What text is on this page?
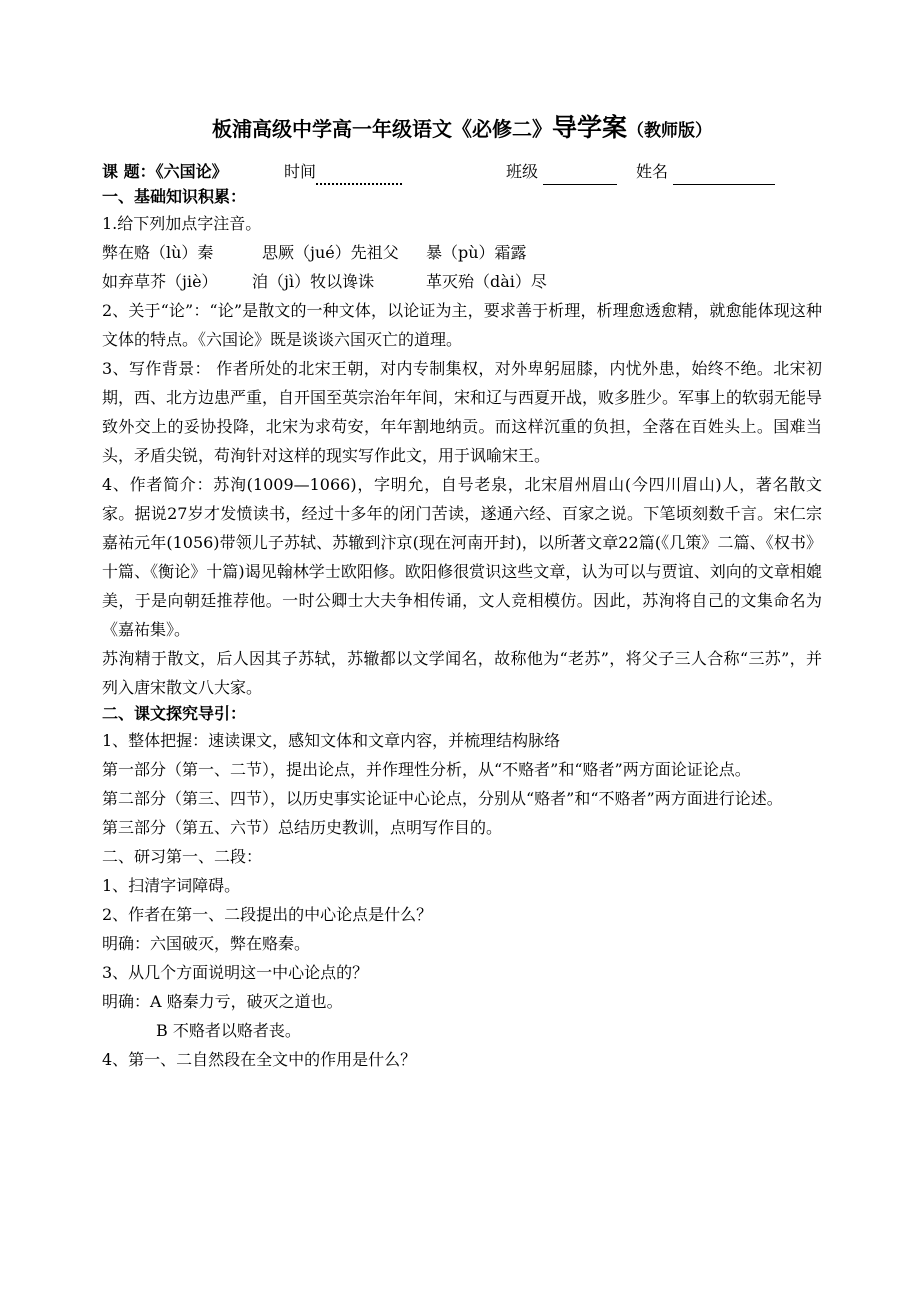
板浦高级中学高一年级语文《必修二》导学案（教师版）
课 题：《六国论》	时间	班级	姓名
一、基础知识积累：
1.给下列加点字注音。
弊在赂（lù）秦	思厥（jué）先祖父 暴（pù）霜露
如弃草芥（jiè） 洎（jì）牧以谗诛	革灭殆（dài）尽
2、关于“论”：“论”是散文的一种文体，以论证为主，要求善于析理，析理愈透愈精，就愈能体现这种文体的特点。《六国论》既是谈谈六国灭亡的道理。
3、写作背景： 作者所处的北宋王朝，对内专制集权，对外卑躬屈膝，内忧外患，始终不绝。北宋初期，西、北方边患严重，自开国至英宗治年年间，宋和辽与西夏开战，败多胜少。军事上的软弱无能导致外交上的妥协投降，北宋为求苟安，年年割地纳贡。而这样沉重的负担，全落在百姓头上。国难当头，矛盾尖锐，苟洵针对这样的现实写作此文，用于讽喻宋王。
4、作者简介：苏洵(1009—1066)，字明允，自号老泉，北宋眉州眉山(今四川眉山)人，著名散文家。据说27岁才发愤读书，经过十多年的闭门苦读，遂通六经、百家之说。下笔顷刻数千言。宋仁宗嘉祐元年(1056)带领儿子苏轼、苏辙到汴京(现在河南开封)，以所著文章22篇(《几策》二篇、《权书》十篇、《衡论》十篇)谒见翰林学士欧阳修。欧阳修很赏识这些文章，认为可以与贾谊、刘向的文章相媲美，于是向朝廷推荐他。一时公卿士大夫争相传诵，文人竞相模仿。因此，苏洵将自己的文集命名为《嘉祐集》。
苏洵精于散文，后人因其子苏轼，苏辙都以文学闻名，故称他为“老苏”，将父子三人合称“三苏”，并列入唐宋散文八大家。
二、课文探究导引：
1、整体把握：速读课文，感知文体和文章内容，并梳理结构脉络
第一部分（第一、二节），提出论点，并作理性分析，从“不赂者”和“赂者”两方面论证论点。
第二部分（第三、四节），以历史事实论证中心论点，分别从“赂者”和“不赂者”两方面进行论述。
第三部分（第五、六节）总结历史教训，点明写作目的。
二、研习第一、二段：
1、扫清字词障碍。
2、作者在第一、二段提出的中心论点是什么？
明确：六国破灭，弊在赂秦。
3、从几个方面说明这一中心论点的？
明确：A 赂秦力亏，破灭之道也。
B 不赂者以赂者丧。
4、第一、二自然段在全文中的作用是什么？
